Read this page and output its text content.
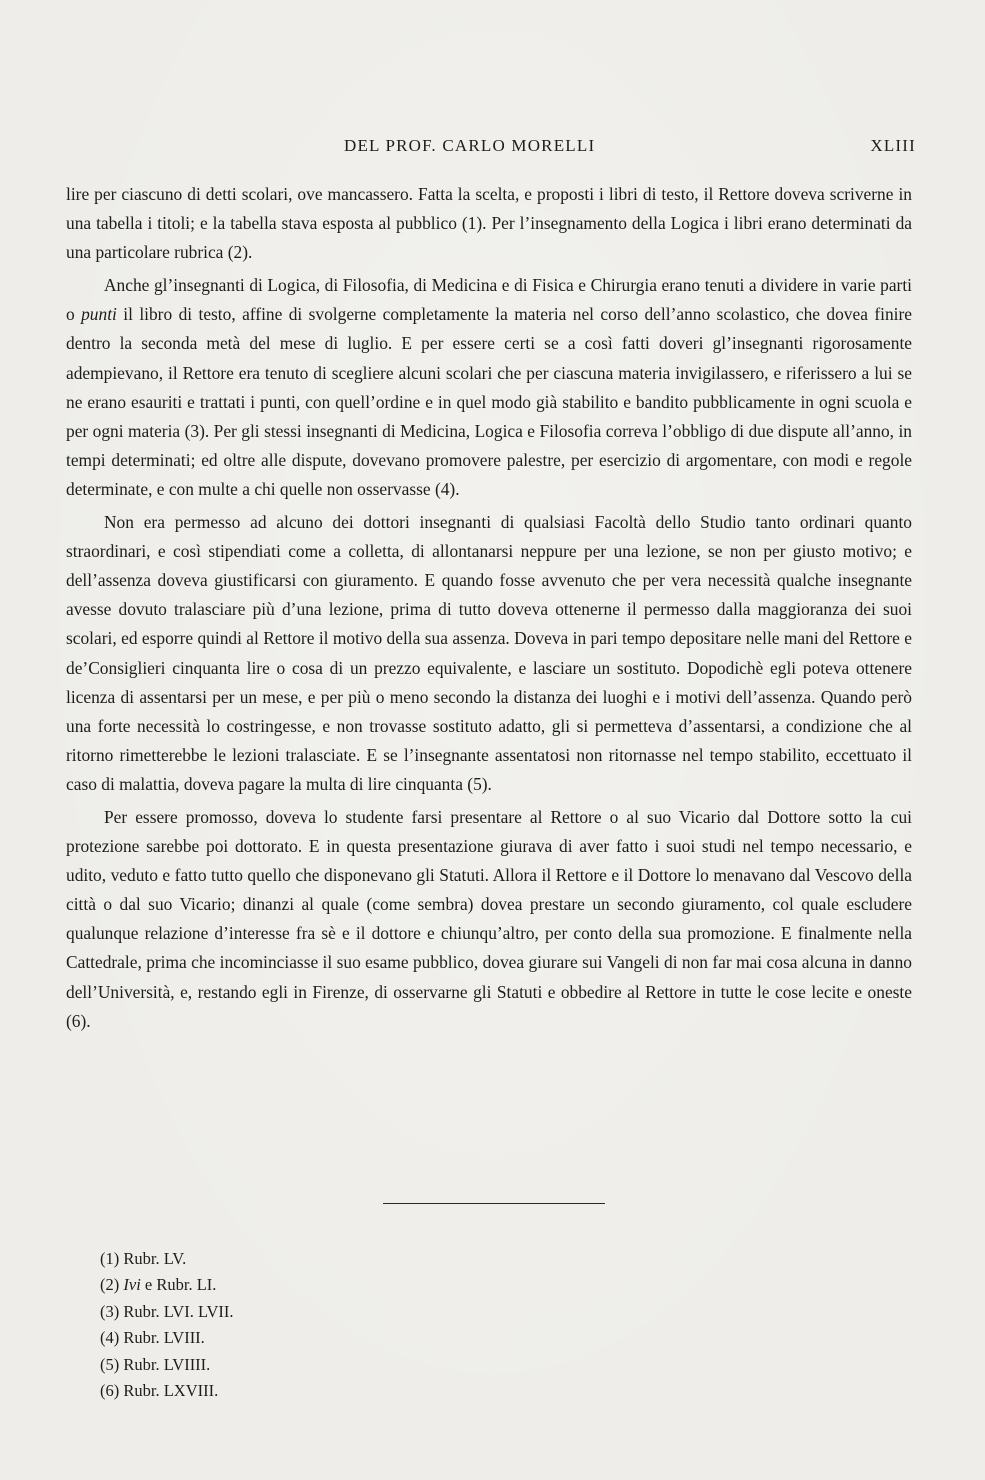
DEL PROF. CARLO MORELLI	XLIII

lire per ciascuno di detti scolari, ove mancassero. Fatta la scelta, e proposti i libri di testo, il Rettore doveva scriverne in una tabella i titoli; e la tabella stava esposta al pubblico (1). Per l’insegnamento della Logica i libri erano determinati da una particolare rubrica (2).

Anche gl’insegnanti di Logica, di Filosofia, di Medicina e di Fisica e Chirurgia erano tenuti a dividere in varie parti o punti il libro di testo, affine di svolgerne completamente la materia nel corso dell’anno scolastico, che dovea finire dentro la seconda metà del mese di luglio. E per essere certi se a così fatti doveri gl’insegnanti rigorosamente adempievano, il Rettore era tenuto di scegliere alcuni scolari che per ciascuna materia invigilassero, e riferissero a lui se ne erano esauriti e trattati i punti, con quell’ordine e in quel modo già stabilito e bandito pubblicamente in ogni scuola e per ogni materia (3). Per gli stessi insegnanti di Medicina, Logica e Filosofia correva l’obbligo di due dispute all’anno, in tempi determinati; ed oltre alle dispute, dovevano promovere palestre, per esercizio di argomentare, con modi e regole determinate, e con multe a chi quelle non osservasse (4).

Non era permesso ad alcuno dei dottori insegnanti di qualsiasi Facoltà dello Studio tanto ordinari quanto straordinari, e così stipendiati come a colletta, di allontanarsi neppure per una lezione, se non per giusto motivo; e dell’assenza doveva giustificarsi con giuramento. E quando fosse avvenuto che per vera necessità qualche insegnante avesse dovuto tralasciare più d’una lezione, prima di tutto doveva ottenerne il permesso dalla maggioranza dei suoi scolari, ed esporre quindi al Rettore il motivo della sua assenza. Doveva in pari tempo depositare nelle mani del Rettore e de’Consiglieri cinquanta lire o cosa di un prezzo equivalente, e lasciare un sostituto. Dopodichè egli poteva ottenere licenza di assentarsi per un mese, e per più o meno secondo la distanza dei luoghi e i motivi dell’assenza. Quando però una forte necessità lo costringesse, e non trovasse sostituto adatto, gli si permetteva d’assentarsi, a condizione che al ritorno rimetterebbe le lezioni tralasciate. E se l’insegnante assentatosi non ritornasse nel tempo stabilito, eccettuato il caso di malattia, doveva pagare la multa di lire cinquanta (5).

Per essere promosso, doveva lo studente farsi presentare al Rettore o al suo Vicario dal Dottore sotto la cui protezione sarebbe poi dottorato. E in questa presentazione giurava di aver fatto i suoi studi nel tempo necessario, e udito, veduto e fatto tutto quello che disponevano gli Statuti. Allora il Rettore e il Dottore lo menavano dal Vescovo della città o dal suo Vicario; dinanzi al quale (come sembra) dovea prestare un secondo giuramento, col quale escludere qualunque relazione d’interesse fra sè e il dottore e chiunqu’altro, per conto della sua promozione. E finalmente nella Cattedrale, prima che incominciasse il suo esame pubblico, dovea giurare sui Vangeli di non far mai cosa alcuna in danno dell’Università, e, restando egli in Firenze, di osservarne gli Statuti e obbedire al Rettore in tutte le cose lecite e oneste (6).

(1) Rubr. LV.
(2) Ivi e Rubr. LI.
(3) Rubr. LVI. LVII.
(4) Rubr. LVIII.
(5) Rubr. LVIIII.
(6) Rubr. LXVIII.
